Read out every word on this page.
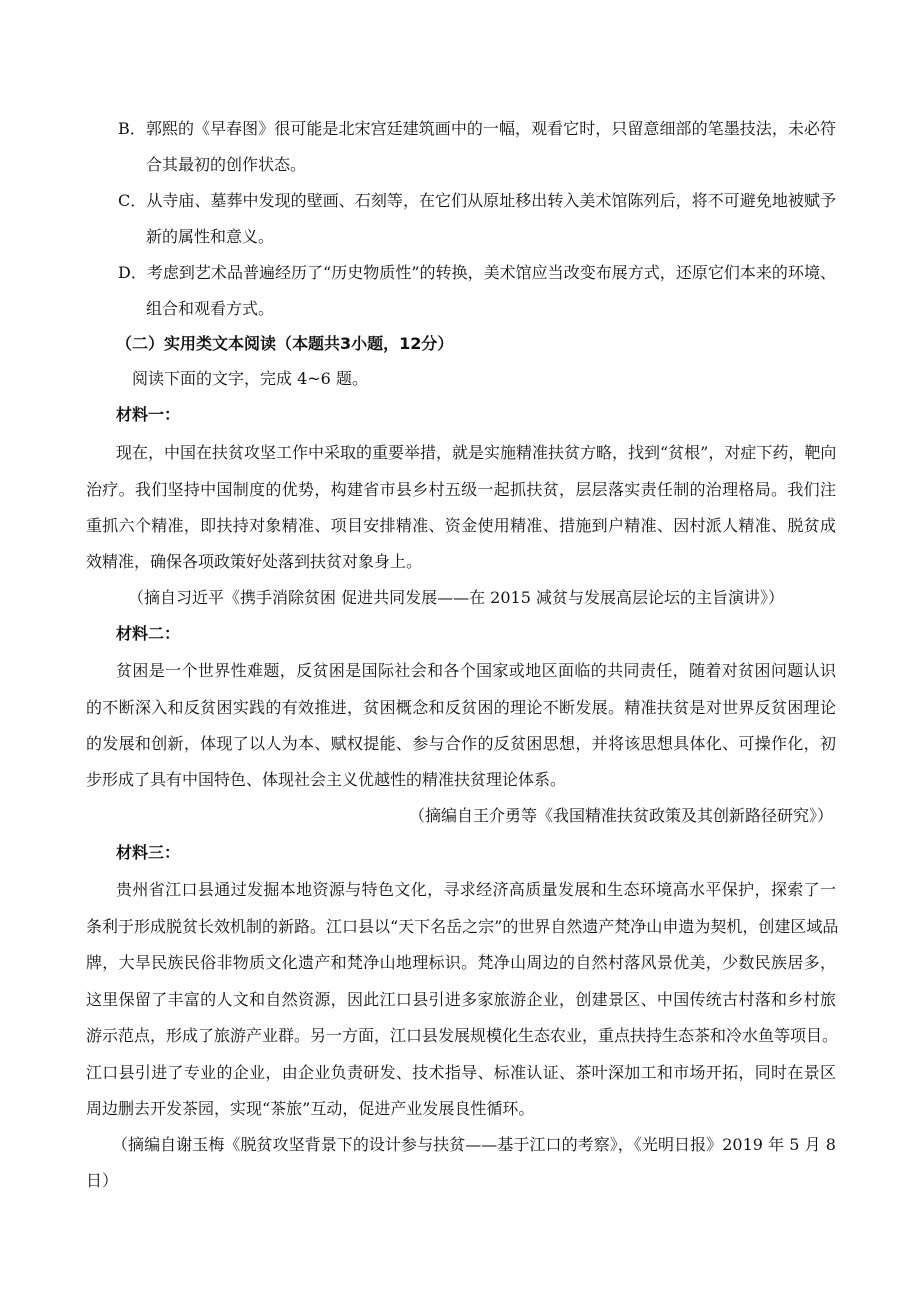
B．郭熙的《早春图》很可能是北宋宫廷建筑画中的一幅，观看它时，只留意细部的笔墨技法，未必符
合其最初的创作状态。
C．从寺庙、墓葬中发现的壁画、石刻等，在它们从原址移出转入美术馆陈列后，将不可避免地被赋予
新的属性和意义。
D．考虑到艺术品普遍经历了“历史物质性”的转换，美术馆应当改变布展方式，还原它们本来的环境、
组合和观看方式。
（二）实用类文本阅读（本题共3小题，12分）
阅读下面的文字，完成 4~6 题。
材料一：
现在，中国在扶贫攻坚工作中采取的重要举措，就是实施精准扶贫方略，找到“贫根”，对症下药，靶向
治疗。我们坚持中国制度的优势，构建省市县乡村五级一起抓扶贫，层层落实责任制的治理格局。我们注
重抓六个精准，即扶持对象精准、项目安排精准、资金使用精准、措施到户精准、因村派人精准、脱贫成
效精准，确保各项政策好处落到扶贫对象身上。
（摘自习近平《携手消除贫困 促进共同发展——在 2015 减贫与发展高层论坛的主旨演讲》）
材料二：
贫困是一个世界性难题，反贫困是国际社会和各个国家或地区面临的共同责任，随着对贫困问题认识
的不断深入和反贫困实践的有效推进，贫困概念和反贫困的理论不断发展。精准扶贫是对世界反贫困理论
的发展和创新，体现了以人为本、赋权提能、参与合作的反贫困思想，并将该思想具体化、可操作化，初
步形成了具有中国特色、体现社会主义优越性的精准扶贫理论体系。
（摘编自王介勇等《我国精准扶贫政策及其创新路径研究》）
材料三：
贵州省江口县通过发掘本地资源与特色文化，寻求经济高质量发展和生态环境高水平保护，探索了一
条利于形成脱贫长效机制的新路。江口县以“天下名岳之宗”的世界自然遗产梵净山申遗为契机，创建区域品
牌，大旱民族民俗非物质文化遗产和梵净山地理标识。梵净山周边的自然村落风景优美，少数民族居多，
这里保留了丰富的人文和自然资源，因此江口县引进多家旅游企业，创建景区、中国传统古村落和乡村旅
游示范点，形成了旅游产业群。另一方面，江口县发展规模化生态农业，重点扶持生态茶和冷水鱼等项目。
江口县引进了专业的企业，由企业负责研发、技术指导、标准认证、茶叶深加工和市场开拓，同时在景区
周边删去开发茶园，实现“茶旅”互动，促进产业发展良性循环。
（摘编自谢玉梅《脱贫攻坚背景下的设计参与扶贫——基于江口的考察》，《光明日报》2019 年 5 月 8
日）
